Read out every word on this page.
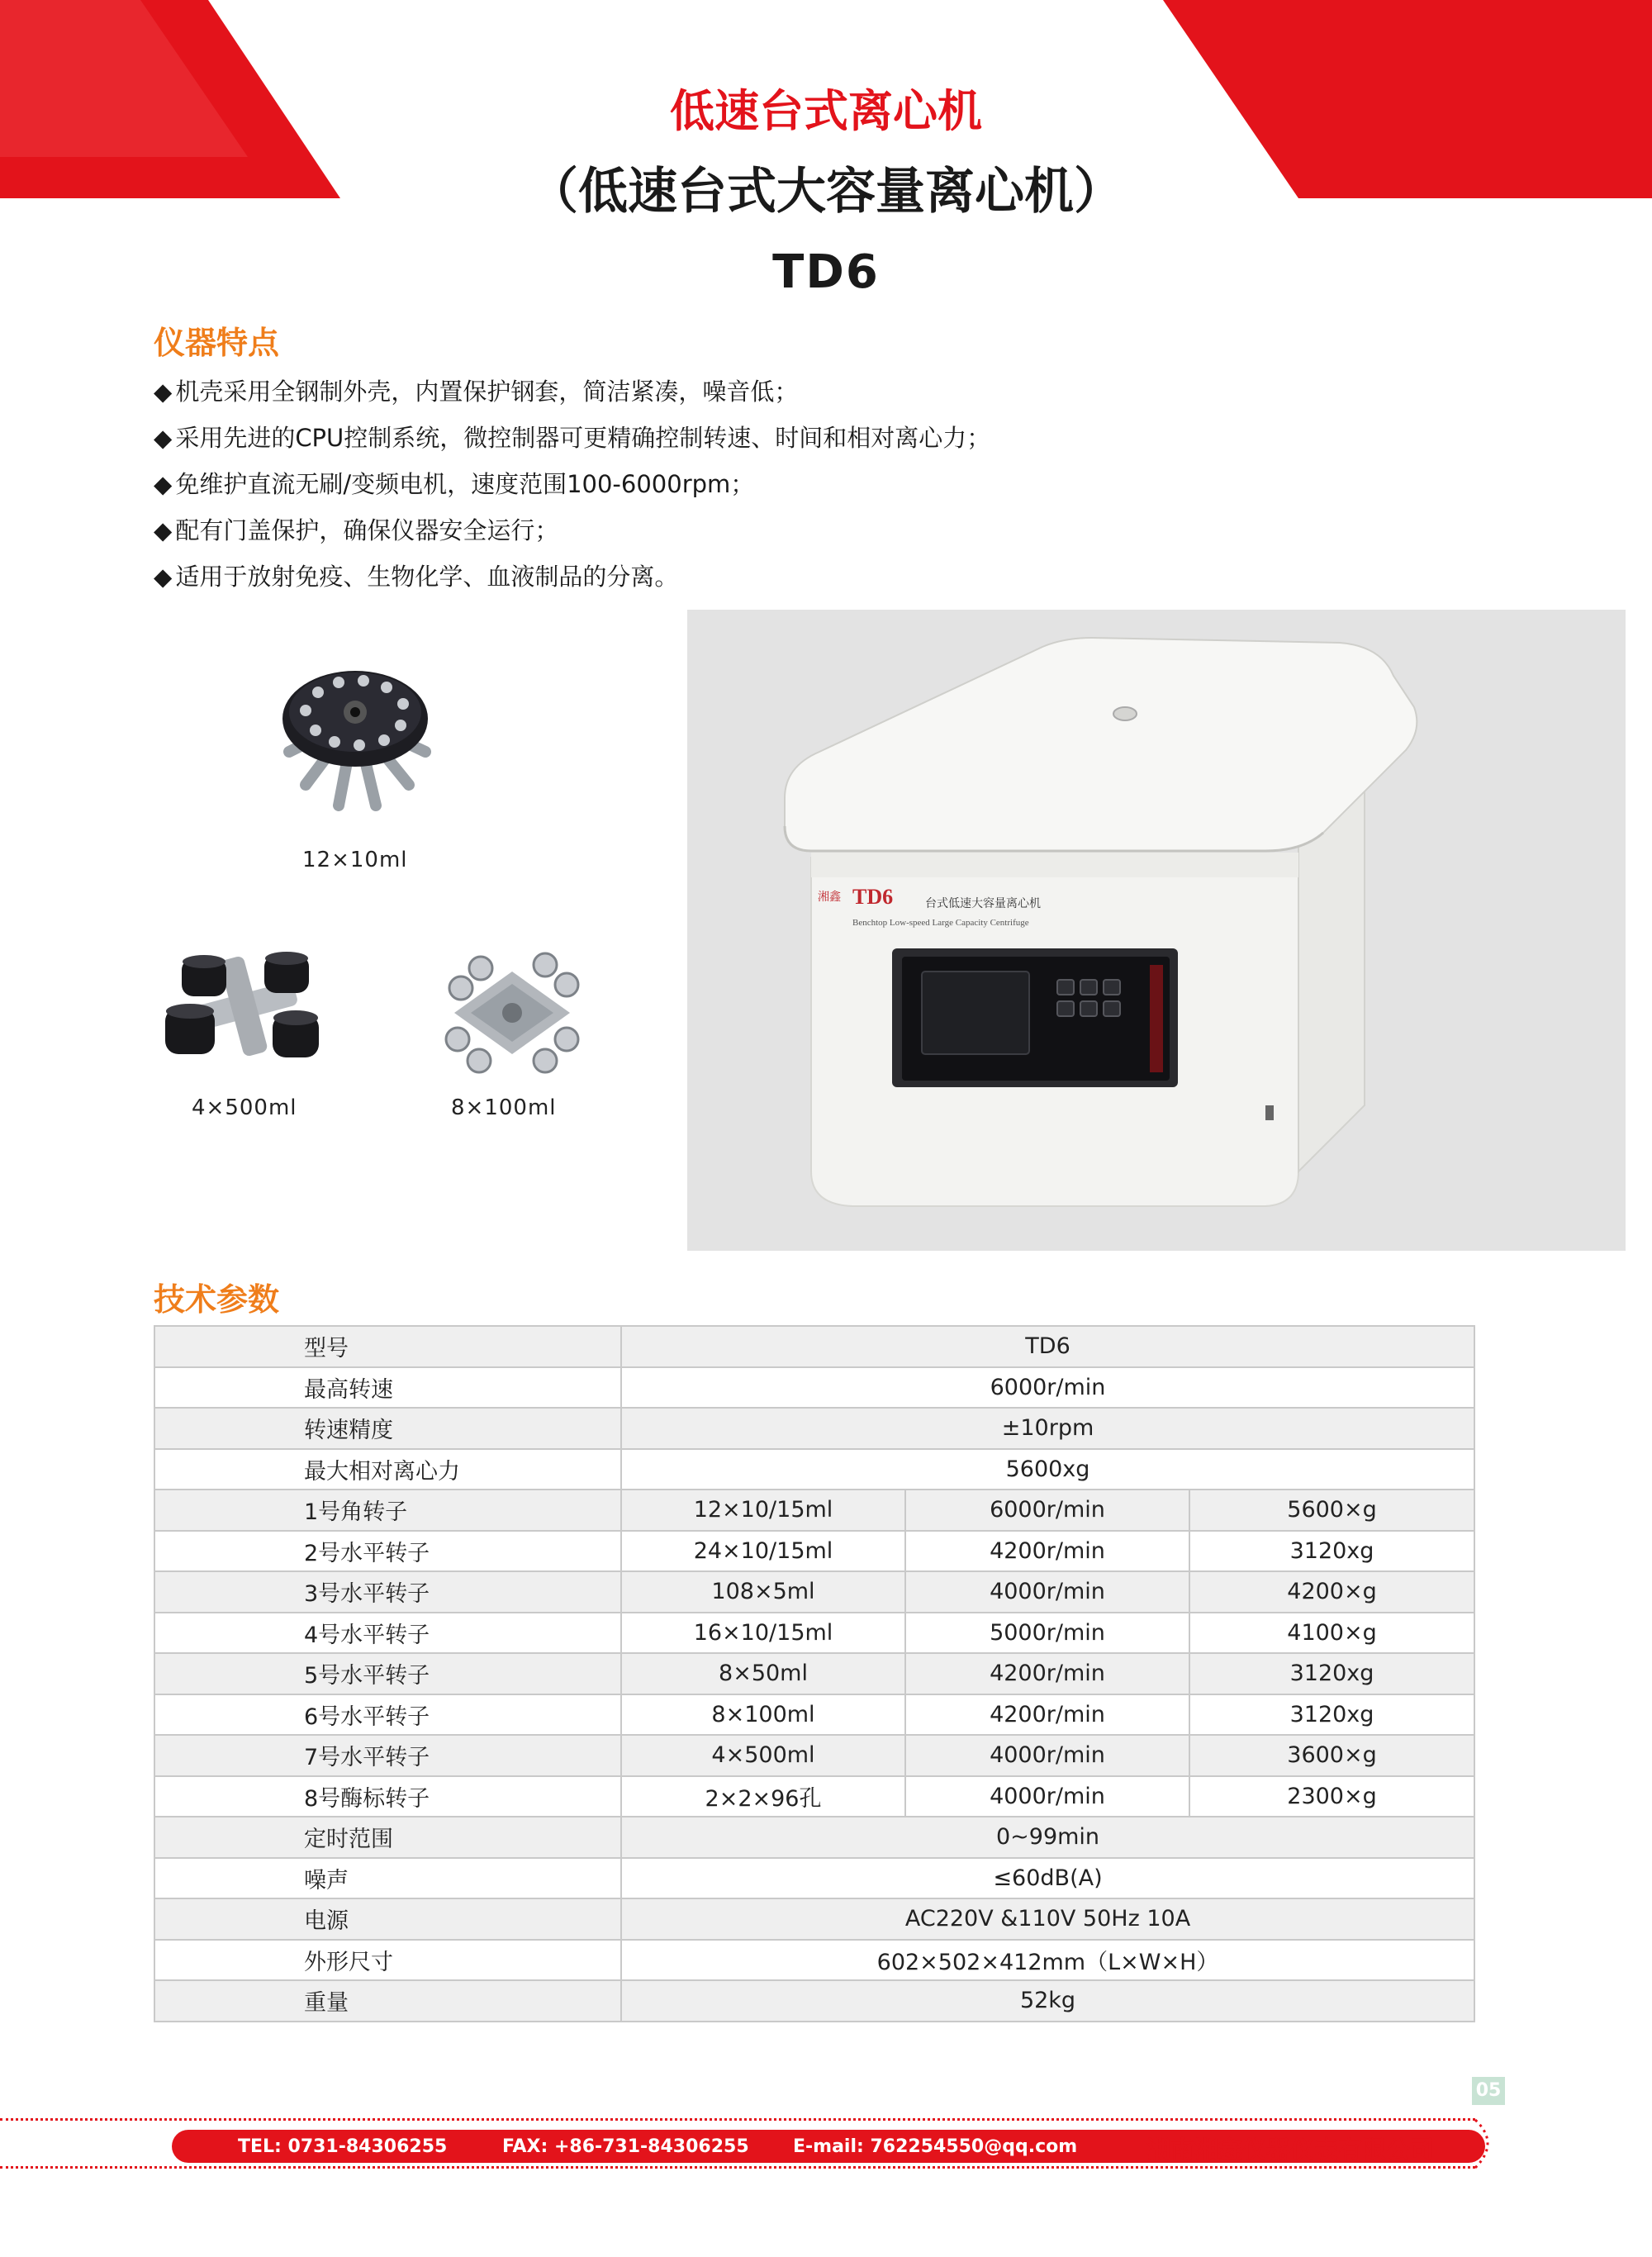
低速台式离心机
（低速台式大容量离心机）
TD6
仪器特点
◆ 机壳采用全钢制外壳，内置保护钢套，简洁紧凑，噪音低；
◆ 采用先进的CPU控制系统，微控制器可更精确控制转速、时间和相对离心力；
◆ 免维护直流无刷/变频电机，速度范围100-6000rpm；
◆ 配有门盖保护，确保仪器安全运行；
◆ 适用于放射免疫、生物化学、血液制品的分离。
12×10ml
4×500ml	8×100ml
TD6	台式低速大容量离心机
Benchtop Low-speed Large Capacity Centrifuge
湘鑫
技术参数
型号	TD6		
最高转速	6000r/min		
转速精度	±10rpm		
最大相对离心力	5600xg		
1号角转子	12×10/15ml	6000r/min	5600×g
2号水平转子	24×10/15ml	4200r/min	3120xg
3号水平转子	108×5ml	4000r/min	4200×g
4号水平转子	16×10/15ml	5000r/min	4100×g
5号水平转子	8×50ml	4200r/min	3120xg
6号水平转子	8×100ml	4200r/min	3120xg
7号水平转子	4×500ml	4000r/min	3600×g
8号酶标转子	2×2×96孔	4000r/min	2300×g
定时范围	0~99min		
噪声	≤60dB(A)		
电源	AC220V &110V 50Hz 10A		
外形尺寸	602×502×412mm（L×W×H）		
重量	52kg		
05
TEL: 0731-84306255	FAX: +86-731-84306255 E-mail: 762254550@qq.com	湖南湘鑫仪器仪表有限公司
